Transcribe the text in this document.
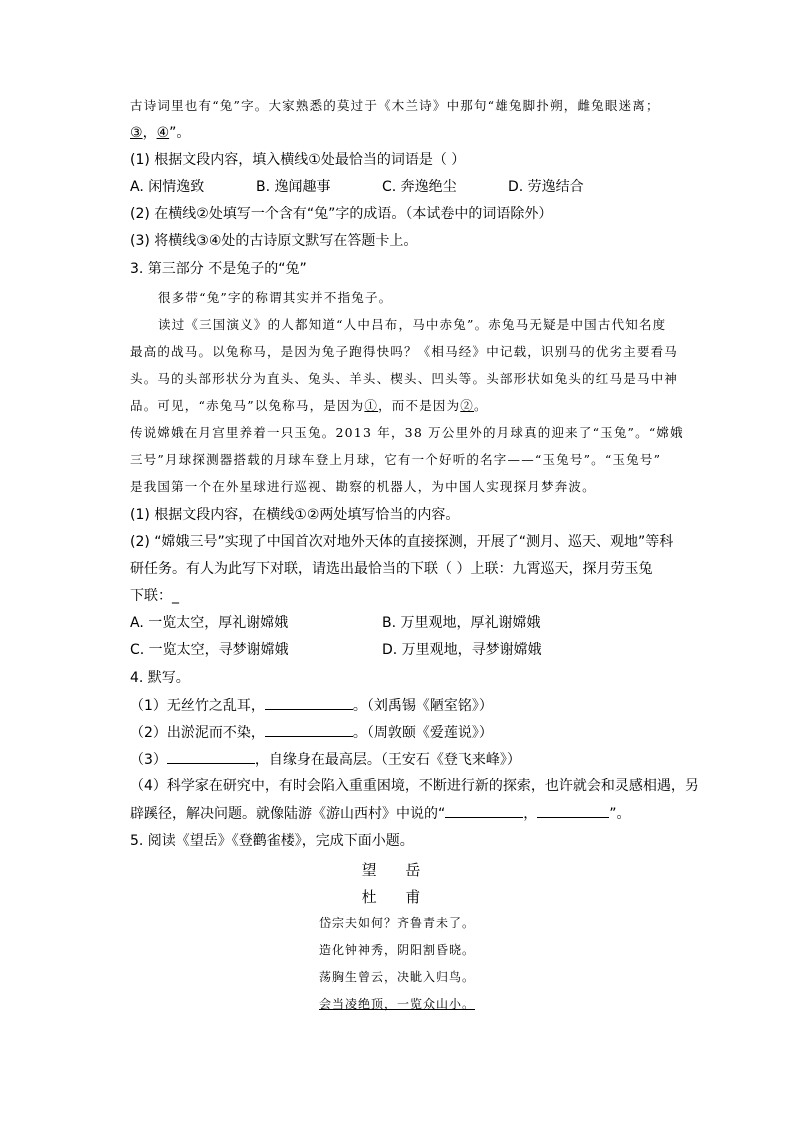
古诗词里也有“兔”字。大家熟悉的莫过于《木兰诗》中那句“雄兔脚扑朔，雌兔眼迷离；
③，④”。
(1) 根据文段内容，填入横线①处最恰当的词语是（ ）
A. 闲情逸致	B. 逸闻趣事	C. 奔逸绝尘	D. 劳逸结合
(2) 在横线②处填写一个含有“兔”字的成语。（本试卷中的词语除外）
(3) 将横线③④处的古诗原文默写在答题卡上。
3. 第三部分 不是兔子的“兔”
很多带“兔”字的称谓其实并不指兔子。
读过《三国演义》的人都知道“人中吕布，马中赤兔”。赤兔马无疑是中国古代知名度
最高的战马。以兔称马，是因为兔子跑得快吗？《相马经》中记载，识别马的优劣主要看马
头。马的头部形状分为直头、兔头、羊头、楔头、凹头等。头部形状如兔头的红马是马中神
品。可见，“赤兔马”以兔称马，是因为①，而不是因为②。
传说嫦娥在月宫里养着一只玉兔。2013 年，38 万公里外的月球真的迎来了“玉兔”。“嫦娥
三号”月球探测器搭载的月球车登上月球，它有一个好听的名字——“玉兔号”。“玉兔号”
是我国第一个在外星球进行巡视、勘察的机器人，为中国人实现探月梦奔波。
(1) 根据文段内容，在横线①②两处填写恰当的内容。
(2) “嫦娥三号”实现了中国首次对地外天体的直接探测，开展了“测月、巡天、观地”等科
研任务。有人为此写下对联，请选出最恰当的下联（ ）上联：九霄巡天，探月劳玉兔
下联：_
A. 一览太空，厚礼谢嫦娥	B. 万里观地，厚礼谢嫦娥
C. 一览太空，寻梦谢嫦娥	D. 万里观地，寻梦谢嫦娥
4. 默写。
（1）无丝竹之乱耳，	。（刘禹锡《陋室铭》）
（2）出淤泥而不染，	。（周敦颐《爱莲说》）
（3）	，自缘身在最高层。（王安石《登飞来峰》）
（4）科学家在研究中，有时会陷入重重困境，不断进行新的探索，也许就会和灵感相遇，另
辟蹊径，解决问题。就像陆游《游山西村》中说的“	，	”。
5. 阅读《望岳》《登鹳雀楼》，完成下面小题。
望 岳
杜 甫
岱宗夫如何？齐鲁青未了。
造化钟神秀，阴阳割昏晓。
荡胸生曾云，决眦入归鸟。
会当凌绝顶，一览众山小。
